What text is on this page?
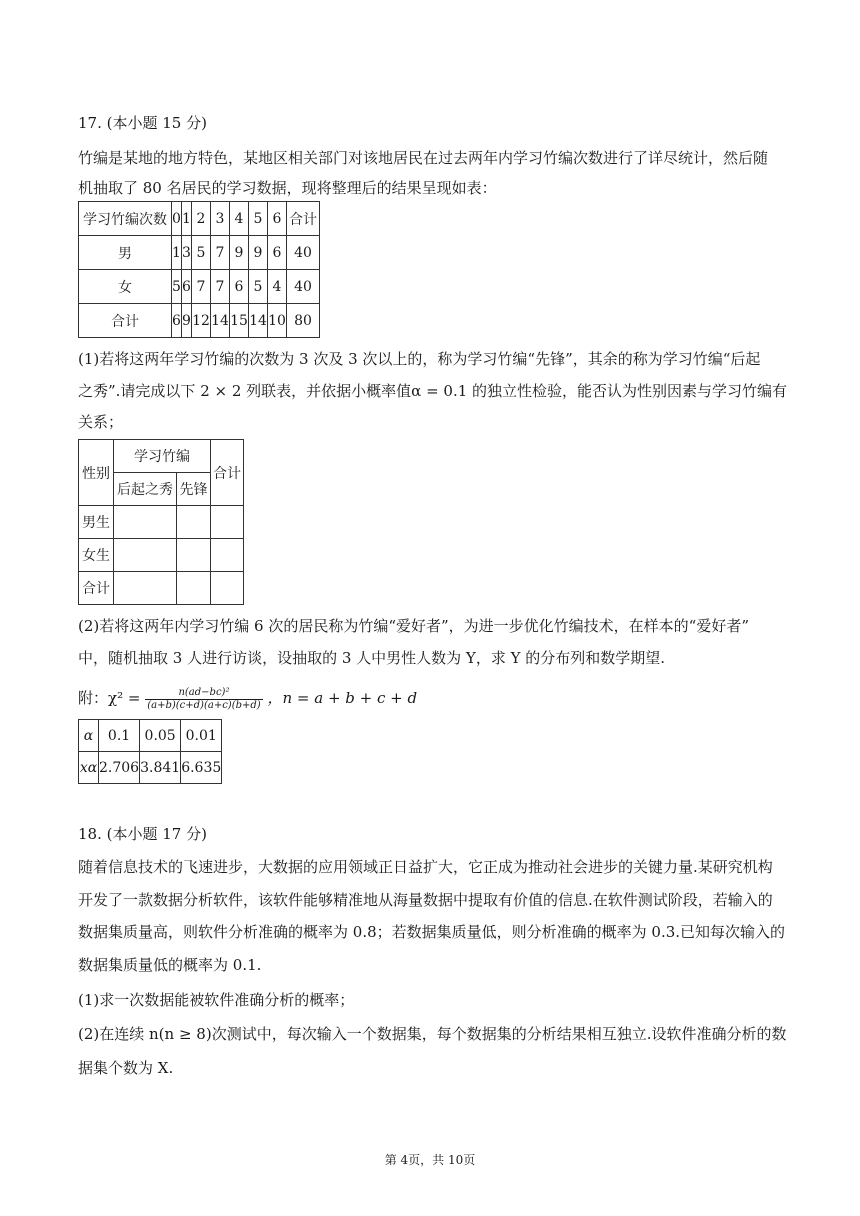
17. (本小题 15 分)
竹编是某地的地方特色，某地区相关部门对该地居民在过去两年内学习竹编次数进行了详尽统计，然后随
机抽取了 80 名居民的学习数据，现将整理后的结果呈现如表：
学习竹编次数	0	1	2	3	4	5	6	合计
男	1	3	5	7	9	9	6	40
女	5	6	7	7	6	5	4	40
合计	6	9	12	14	15	14	10	80
(1)若将这两年学习竹编的次数为 3 次及 3 次以上的，称为学习竹编“先锋”，其余的称为学习竹编“后起
之秀”.请完成以下 2 × 2 列联表，并依据小概率值α = 0.1 的独立性检验，能否认为性别因素与学习竹编有
关系；
性别	学习竹编		合计
	后起之秀	先锋	
男生			
女生			
合计			
(2)若将这两年内学习竹编 6 次的居民称为竹编“爱好者”，为进一步优化竹编技术，在样本的“爱好者”
中，随机抽取 3 人进行访谈，设抽取的 3 人中男性人数为 Y，求 Y 的分布列和数学期望.
附：$\chi^2 = \frac{\text{n(ad−bc)²}}{(a+b)(c+d)(a+c)(b+d)}$ ，n = a + b + c + d
α	0.1	0.05	0.01
xα	2.706	3.841	6.635
18. (本小题 17 分)
随着信息技术的飞速进步，大数据的应用领域正日益扩大，它正成为推动社会进步的关键力量.某研究机构
开发了一款数据分析软件，该软件能够精准地从海量数据中提取有价值的信息.在软件测试阶段，若输入的
数据集质量高，则软件分析准确的概率为 0.8；若数据集质量低，则分析准确的概率为 0.3.已知每次输入的
数据集质量低的概率为 0.1.
(1)求一次数据能被软件准确分析的概率；
(2)在连续 n(n ≥ 8)次测试中，每次输入一个数据集，每个数据集的分析结果相互独立.设软件准确分析的数
据集个数为 X.
第 4页，共 10页
